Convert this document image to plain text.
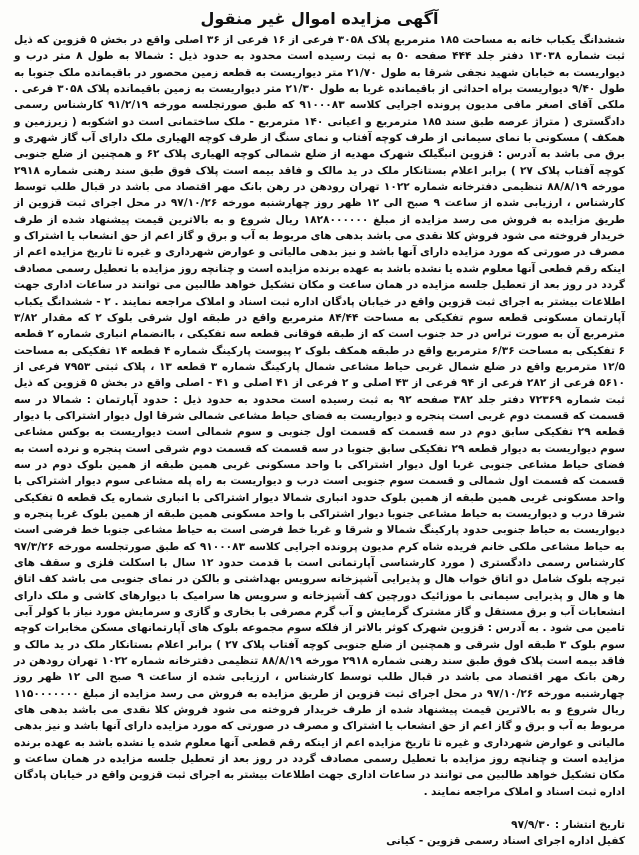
آگهی مزایده اموال غیر منقول

ششدانگ یکباب خانه به مساحت ۱۸۵ مترمربع پلاک ۳۰۵۸ فرعی از ۱۶ فرعی از ۳۶ اصلی واقع در بخش ۵ قزوین که ذیل ثبت شماره ۱۳۰۳۸ دفتر جلد ۴۴۴ صفحه ۵۰ به ثبت رسیده است محدود به حدود ذیل : شمالا به طول ۸ متر درب و دیواریست به خیابان شهید نجفی شرقا به طول ۲۱/۷۰ متر دیواریست به قطعه زمین محصور در باقیمانده ملک جنوبا به طول ۹/۴۰ دیواریست براه احداثی از باقیمانده غربا به طول ۲۱/۳۰ متر دیواریست به زمین باقیمانده پلاک ۳۰۵۸ فرعی . ملکی آقای اصغر مافی مدیون پرونده اجرایی کلاسه ۹۱۰۰۰۸۳ که طبق صورتجلسه مورخه ۹۱/۲/۱۹ کارشناس رسمی دادگستری ( متراژ عرصه طبق سند ۱۸۵ مترمربع و اعیانی ۱۴۰ مترمربع - ملک ساختمانی است دو اشکوبه ( زیرزمین و همکف ) مسکونی با نمای سیمانی از طرف کوچه آفتاب و نمای سنگ از طرف کوچه الهیاری ملک دارای آب گاز شهری و برق می باشد به آدرس : قزوین انبگیلک شهرک مهدیه از ضلع شمالی کوچه الهیاری پلاک ۶۲ و همچنین از ضلع جنوبی کوچه آفتاب پلاک ۲۷ ) برابر اعلام بستانکار ملک در ید مالک و فاقد بیمه است پلاک فوق طبق سند رهنی شماره ۲۹۱۸ مورخه ۸۸/۸/۱۹ تنظیمی دفترخانه شماره ۱۰۲۲ تهران رودهن در رهن بانک مهر اقتصاد می باشد در قبال طلب توسط کارشناس ، ارزیابی شده از ساعت ۹ صبح الی ۱۲ ظهر روز چهارشنبه مورخه ۹۷/۱۰/۲۶ در محل اجرای ثبت قزوین از طریق مزایده به فروش می رسد مزایده از مبلغ ۱۸۲۸۰۰۰۰۰۰ ریال شروع و به بالاترین قیمت پیشنهاد شده از طرف خریدار فروخته می شود فروش کلا نقدی می باشد بدهی های مربوط به آب و برق و گاز اعم از حق انشعاب یا اشتراک و مصرف در صورتی که مورد مزایده دارای آنها باشد و نیز بدهی مالیاتی و عوارض شهرداری و غیره تا تاریخ مزایده اعم از اینکه رقم قطعی آنها معلوم شده یا نشده باشد به عهده برنده مزایده است و چنانچه روز مزایده با تعطیل رسمی مصادف گردد در روز بعد از تعطیل جلسه مزایده در همان ساعت و مکان تشکیل خواهد طالبین می توانند در ساعات اداری جهت اطلاعات بیشتر به اجرای ثبت قزوین واقع در خیابان پادگان اداره ثبت اسناد و املاک مراجعه نمایند . ۲ - ششدانگ یکباب آپارتمان مسکونی قطعه سوم تفکیکی به مساحت ۸۴/۴۴ مترمربع واقع در طبقه اول شرقی بلوک ۲ که مقدار ۳/۸۲ مترمربع آن به صورت تراس در حد جنوب است که از طبقه فوقانی قطعه سه تفکیکی ، باانضمام انباری شماره ۲ قطعه ۶ تفکیکی به مساحت ۶/۳۶ مترمربع واقع در طبقه همکف بلوک ۲ پیوست پارکینگ شماره ۴ قطعه ۱۴ تفکیکی به مساحت ۱۲/۵ مترمربع واقع در ضلع شمال غربی حیاط مشاعی شمال پارکینگ شماره ۳ قطعه ۱۳ ، پلاک ثبتی ۷۹۵۳ فرعی از ۵۶۱۰ فرعی از ۲۸۲ فرعی از ۹۴ فرعی از ۴۳ اصلی و ۲ فرعی از ۴۱ اصلی و ۴۱ - اصلی واقع در بخش ۵ قزوین که ذیل ثبت شماره ۷۲۳۶۹ دفتر جلد ۳۸۲ صفحه ۹۲ به ثبت رسیده است محدود به حدود ذیل : حدود آپارتمان : شمالا در سه قسمت که قسمت دوم غربی است پنجره و دیواریست به فضای حیاط مشاعی شمالی شرقا اول دیوار اشتراکی با دیوار قطعه ۲۹ تفکیکی سابق دوم در سه قسمت که قسمت اول جنوبی و سوم شمالی است دیواریست به بوکس مشاعی سوم دیواریست به دیوار قطعه ۲۹ تفکیکی سابق جنوبا در سه قسمت که قسمت دوم شرقی است پنجره و نرده است به فضای حیاط مشاعی جنوبی غربا اول دیوار اشتراکی با واحد مسکونی غربی همین طبقه از همین بلوک دوم در سه قسمت که قسمت اول شمالی و قسمت سوم جنوبی است درب و دیواریست به راه پله مشاعی سوم دیوار اشتراکی با واحد مسکونی غربی همین طبقه از همین بلوک حدود انباری شمالا دیوار اشتراکی با انباری شماره یک قطعه ۵ تفکیکی شرقا درب و دیواریست به حیاط مشاعی جنوبا دیوار اشتراکی با واحد مسکونی همین طبقه از همین بلوک غربا پنجره و دیواریست به حیاط جنوبی حدود پارکینگ شمالا و شرقا و غربا خط فرضی است به حیاط مشاعی جنوبا خط فرضی است به حیاط مشاعی ملکی خانم فریده شاه کرم مدیون پرونده اجرایی کلاسه ۹۱۰۰۰۸۳ که طبق صورتجلسه مورخه ۹۷/۳/۲۶ کارشناس رسمی دادگستری ( مورد کارشناسی آپارتمانی است با قدمت حدود ۱۲ سال با اسکلت فلزی و سقف های تیرچه بلوک شامل دو اتاق خواب هال و پذیرایی آشپزخانه سرویس بهداشتی و بالکن در نمای جنوبی می باشد کف اتاق ها و هال و پذیرایی سیمانی با موزائیک دورچین کف آشپزخانه و سرویس ها سرامیک با دیوارهای کاشی و ملک دارای انشعابات آب و برق مستقل و گاز مشترک گرمایش و آب گرم مصرفی با بخاری و گازی و سرمایش مورد نیاز با کولر آبی تامین می شود . به آدرس : قزوین شهرک کوثر بالاتر از فلکه سوم مجموعه بلوک های آپارتمانهای مسکن مخابرات کوچه سوم بلوک ۳ طبقه اول شرقی و همچنین از ضلع جنوبی کوچه آفتاب پلاک ۲۷ ) برابر اعلام بستانکار ملک در ید مالک و فاقد بیمه است پلاک فوق طبق سند رهنی شماره ۲۹۱۸ مورخه ۸۸/۸/۱۹ تنظیمی دفترخانه شماره ۱۰۲۲ تهران رودهن در رهن بانک مهر اقتصاد می باشد در قبال طلب توسط کارشناس ، ارزیابی شده از ساعت ۹ صبح الی ۱۲ ظهر روز چهارشنبه مورخه ۹۷/۱۰/۲۶ در محل اجرای ثبت قزوین از طریق مزایده به فروش می رسد مزایده از مبلغ ۱۱۵۰۰۰۰۰۰۰ ریال شروع و به بالاترین قیمت پیشنهاد شده از طرف خریدار فروخته می شود فروش کلا نقدی می باشد بدهی های مربوط به آب و برق و گاز اعم از حق انشعاب یا اشتراک و مصرف در صورتی که مورد مزایده دارای آنها باشد و نیز بدهی مالیاتی و عوارض شهرداری و غیره تا تاریخ مزایده اعم از اینکه رقم قطعی آنها معلوم شده یا نشده باشد به عهده برنده مزایده است و چنانچه روز مزایده با تعطیل رسمی مصادف گردد در روز بعد از تعطیل جلسه مزایده در همان ساعت و مکان تشکیل خواهد طالبین می توانند در ساعات اداری جهت اطلاعات بیشتر به اجرای ثبت قزوین واقع در خیابان پادگان اداره ثبت اسناد و املاک مراجعه نمایند .

تاریخ انتشار : ۹۷/۹/۳۰
کفیل اداره اجرای اسناد رسمی قزوین - کیانی
